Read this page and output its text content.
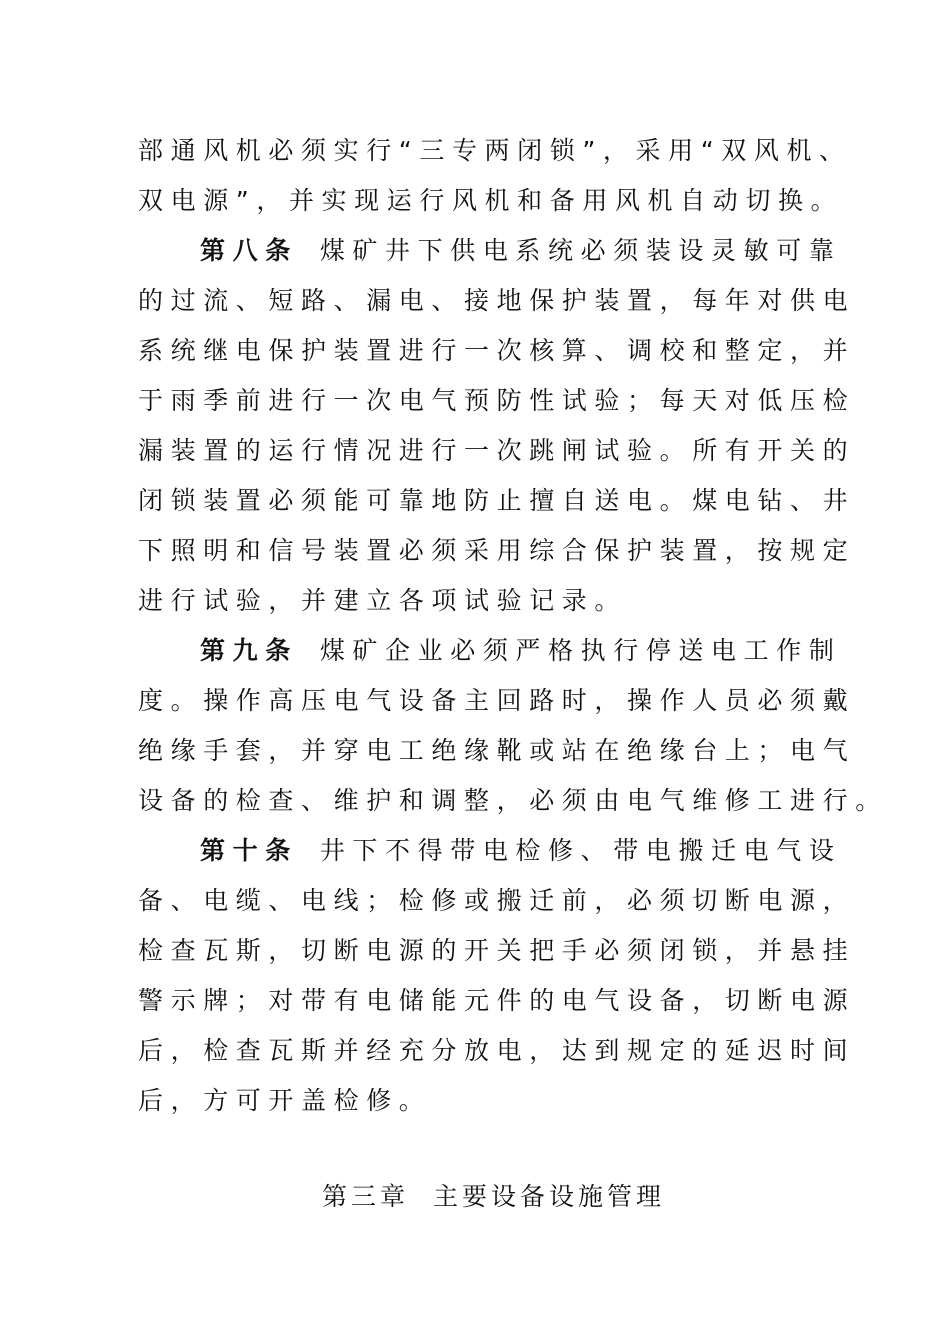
部通风机必须实行“三专两闭锁”，采用“双风机、
双电源”，并实现运行风机和备用风机自动切换。
第八条 煤矿井下供电系统必须装设灵敏可靠
的过流、短路、漏电、接地保护装置，每年对供电
系统继电保护装置进行一次核算、调校和整定，并
于雨季前进行一次电气预防性试验；每天对低压检
漏装置的运行情况进行一次跳闸试验。所有开关的
闭锁装置必须能可靠地防止擅自送电。煤电钻、井
下照明和信号装置必须采用综合保护装置，按规定
进行试验，并建立各项试验记录。
第九条 煤矿企业必须严格执行停送电工作制
度。操作高压电气设备主回路时，操作人员必须戴
绝缘手套，并穿电工绝缘靴或站在绝缘台上；电气
设备的检查、维护和调整，必须由电气维修工进行。
第十条 井下不得带电检修、带电搬迁电气设
备、电缆、电线；检修或搬迁前，必须切断电源，
检查瓦斯，切断电源的开关把手必须闭锁，并悬挂
警示牌；对带有电储能元件的电气设备，切断电源
后，检查瓦斯并经充分放电，达到规定的延迟时间
后，方可开盖检修。
第三章 主要设备设施管理
